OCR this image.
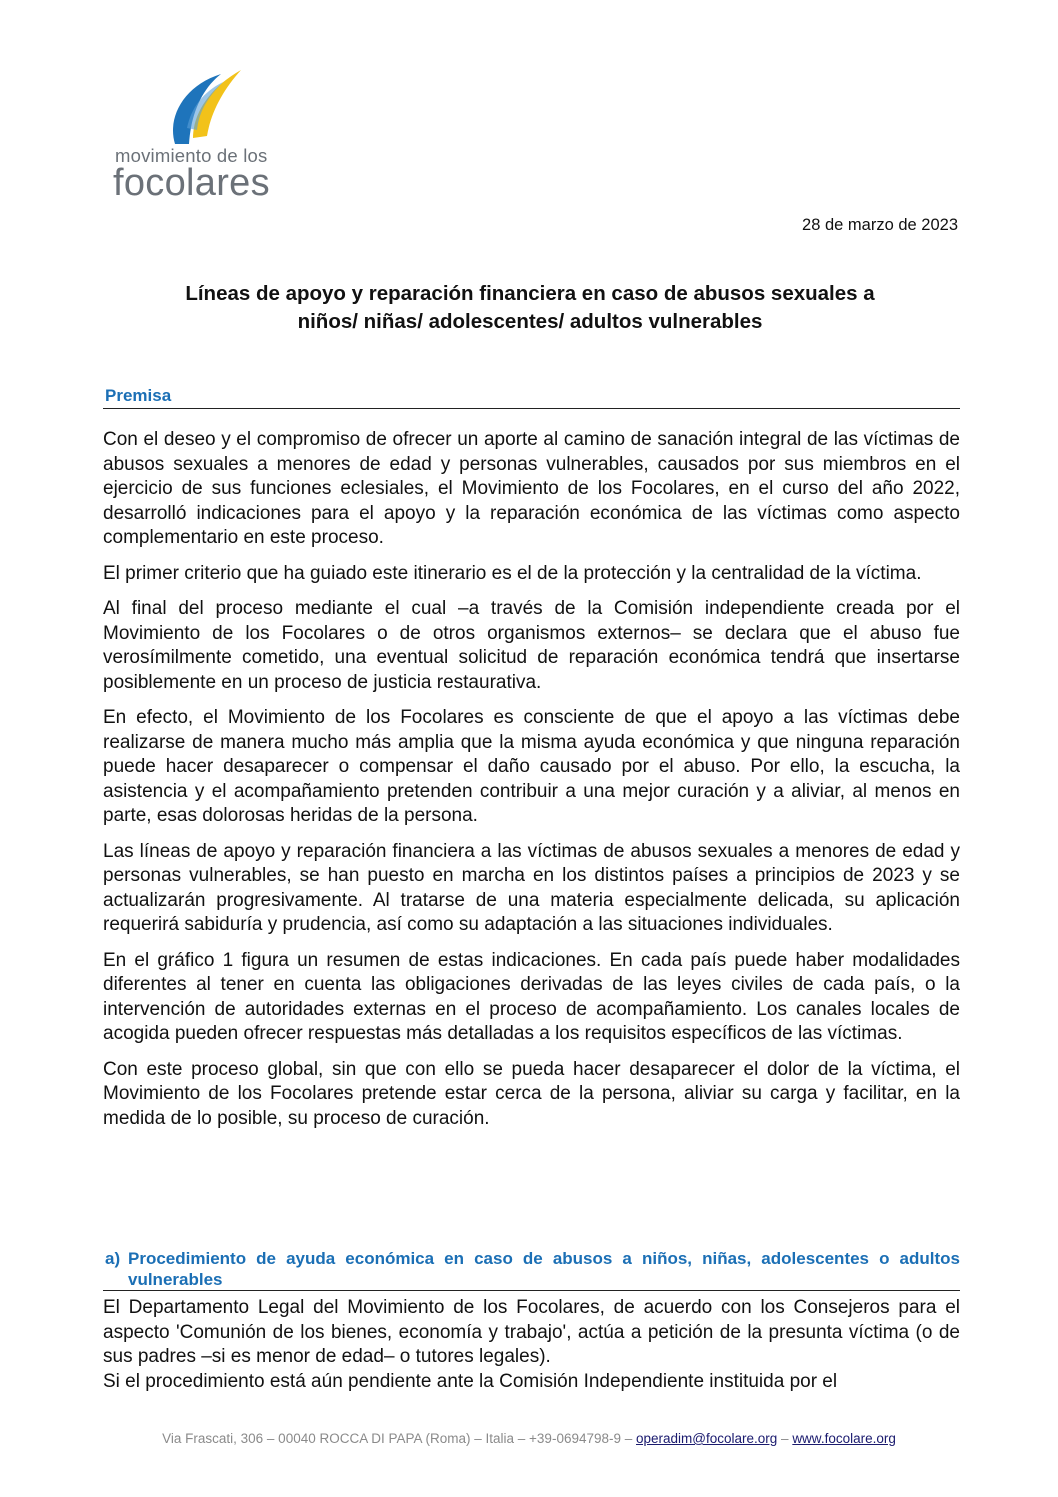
movimiento de los
focolares
28 de marzo de 2023
Líneas de apoyo y reparación financiera en caso de abusos sexuales a
niños/ niñas/ adolescentes/ adultos vulnerables
Premisa

Con el deseo y el compromiso de ofrecer un aporte al camino de sanación integral de las víctimas de abusos sexuales a menores de edad y personas vulnerables, causados por sus miembros en el ejercicio de sus funciones eclesiales, el Movimiento de los Focolares, en el curso del año 2022, desarrolló indicaciones para el apoyo y la reparación económica de las víctimas como aspecto complementario en este proceso.

El primer criterio que ha guiado este itinerario es el de la protección y la centralidad de la víctima.

Al final del proceso mediante el cual –a través de la Comisión independiente creada por el Movimiento de los Focolares o de otros organismos externos– se declara que el abuso fue verosímilmente cometido, una eventual solicitud de reparación económica tendrá que insertarse posiblemente en un proceso de justicia restaurativa.

En efecto, el Movimiento de los Focolares es consciente de que el apoyo a las víctimas debe realizarse de manera mucho más amplia que la misma ayuda económica y que ninguna reparación puede hacer desaparecer o compensar el daño causado por el abuso. Por ello, la escucha, la asistencia y el acompañamiento pretenden contribuir a una mejor curación y a aliviar, al menos en parte, esas dolorosas heridas de la persona.

Las líneas de apoyo y reparación financiera a las víctimas de abusos sexuales a menores de edad y personas vulnerables, se han puesto en marcha en los distintos países a principios de 2023 y se actualizarán progresivamente. Al tratarse de una materia especialmente delicada, su aplicación requerirá sabiduría y prudencia, así como su adaptación a las situaciones individuales.

En el gráfico 1 figura un resumen de estas indicaciones. En cada país puede haber modalidades diferentes al tener en cuenta las obligaciones derivadas de las leyes civiles de cada país, o la intervención de autoridades externas en el proceso de acompañamiento. Los canales locales de acogida pueden ofrecer respuestas más detalladas a los requisitos específicos de las víctimas.

Con este proceso global, sin que con ello se pueda hacer desaparecer el dolor de la víctima, el Movimiento de los Focolares pretende estar cerca de la persona, aliviar su carga y facilitar, en la medida de lo posible, su proceso de curación.

a) Procedimiento de ayuda económica en caso de abusos a niños, niñas, adolescentes o adultos vulnerables

El Departamento Legal del Movimiento de los Focolares, de acuerdo con los Consejeros para el aspecto 'Comunión de los bienes, economía y trabajo', actúa a petición de la presunta víctima (o de sus padres –si es menor de edad– o tutores legales).

Si el procedimiento está aún pendiente ante la Comisión Independiente instituida por el

Via Frascati, 306 – 00040 ROCCA DI PAPA (Roma) – Italia – +39-0694798-9 – operadim@focolare.org – www.focolare.org
